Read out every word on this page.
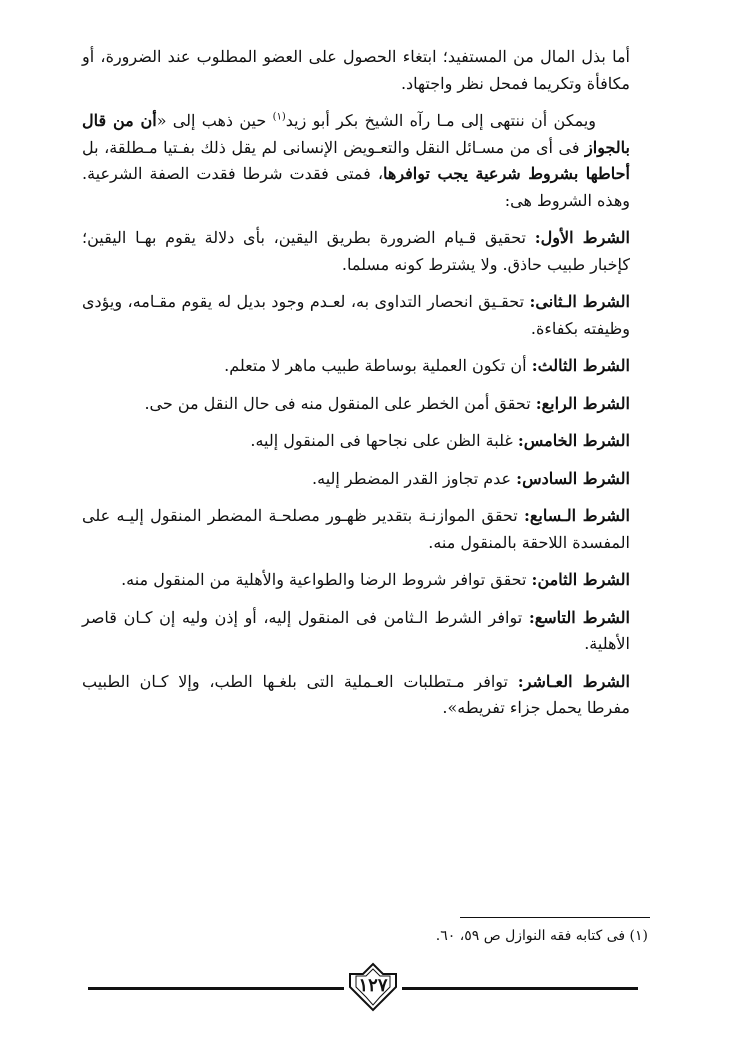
أما بذل المال من المستفيد؛ ابتغاء الحصول على العضو المطلوب عند الضرورة، أو مكافأة وتكريما فمحل نظر واجتهاد.

ويمكن أن ننتهى إلى مـا رآه الشيخ بكر أبو زيد$^{(١)}$ حين ذهب إلى «أن من قال بالجواز فى أى من مسـائل النقل والتعـويض الإنسانى لم يقل ذلك بفـتيا مـطلقة، بل أحاطها بشروط شرعية يجب توافرها، فمتى فقدت شرطا فقدت الصفة الشرعية. وهذه الشروط هى:

الشرط الأول: تحقيق قـيام الضرورة بطريق اليقين، بأى دلالة يقوم بهـا اليقين؛ كإخبار طبيب حاذق. ولا يشترط كونه مسلما.

الشرط الـثانى: تحقـيق انحصار التداوى به، لعـدم وجود بديل له يقوم مقـامه، ويؤدى وظيفته بكفاءة.

الشرط الثالث: أن تكون العملية بوساطة طبيب ماهر لا متعلم.

الشرط الرابع: تحقق أمن الخطر على المنقول منه فى حال النقل من حى.

الشرط الخامس: غلبة الظن على نجاحها فى المنقول إليه.

الشرط السادس: عدم تجاوز القدر المضطر إليه.

الشرط الـسابع: تحقق الموازنـة بتقدير ظهـور مصلحـة المضطر المنقول إليـه على المفسدة اللاحقة بالمنقول منه.

الشرط الثامن: تحقق توافر شروط الرضا والطواعية والأهلية من المنقول منه.

الشرط التاسع: توافر الشرط الـثامن فى المنقول إليه، أو إذن وليه إن كـان قاصر الأهلية.

الشرط العـاشر: توافر مـتطلبات العـملية التى بلغـها الطب، وإلا كـان الطبيب مفرطا يحمل جزاء تفريطه».

(١) فى كتابه فقه النوازل ص ٥٩، ٦٠.
١٢٧
